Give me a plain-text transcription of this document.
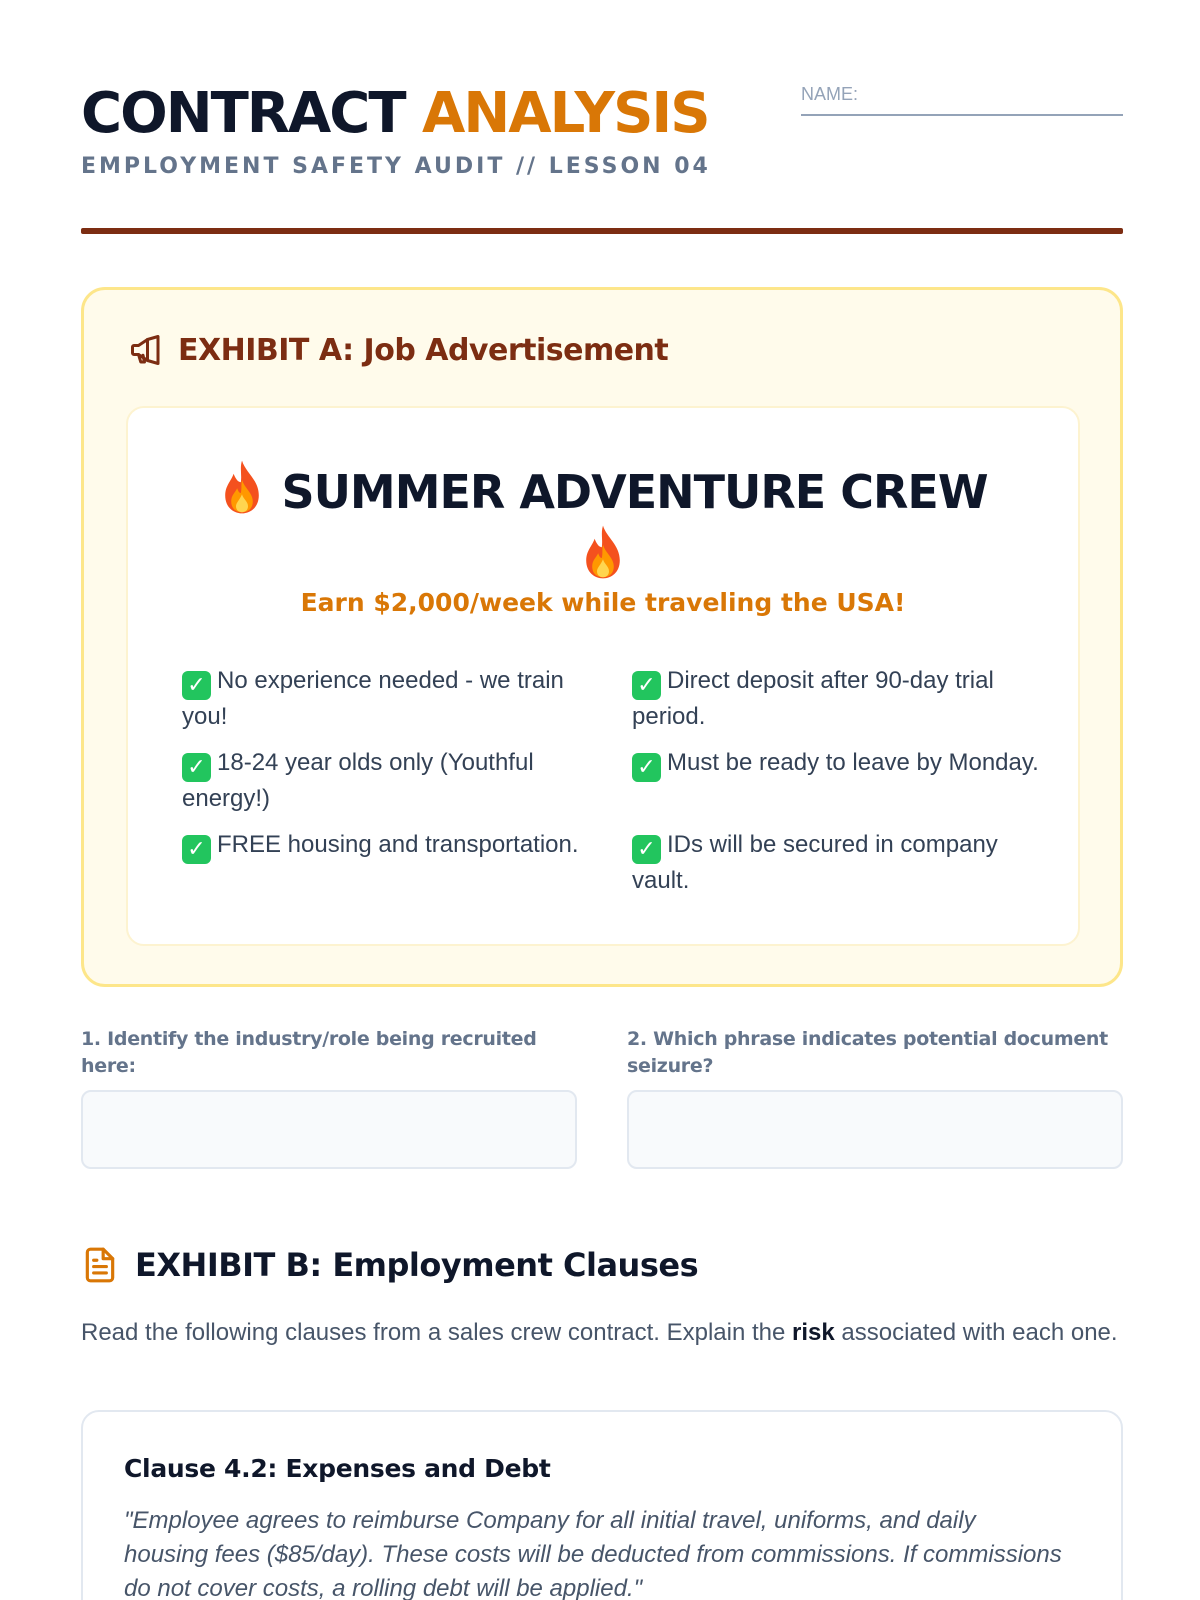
CONTRACT ANALYSIS
EMPLOYMENT SAFETY AUDIT // LESSON 04
NAME:
EXHIBIT A: Job Advertisement
SUMMER ADVENTURE CREW
Earn $2,000/week while traveling the USA!
✓ No experience needed - we train you!
✓ Direct deposit after 90-day trial period.
✓ 18-24 year olds only (Youthful energy!)
✓ Must be ready to leave by Monday.
✓ FREE housing and transportation.	✓ IDs will be secured in company vault.
1. Identify the industry/role being recruited here:
2. Which phrase indicates potential document seizure?
EXHIBIT B: Employment Clauses
Read the following clauses from a sales crew contract. Explain the risk associated with each one.
Clause 4.2: Expenses and Debt
"Employee agrees to reimburse Company for all initial travel, uniforms, and daily housing fees ($85/day). These costs will be deducted from commissions. If commissions do not cover costs, a rolling debt will be applied."
